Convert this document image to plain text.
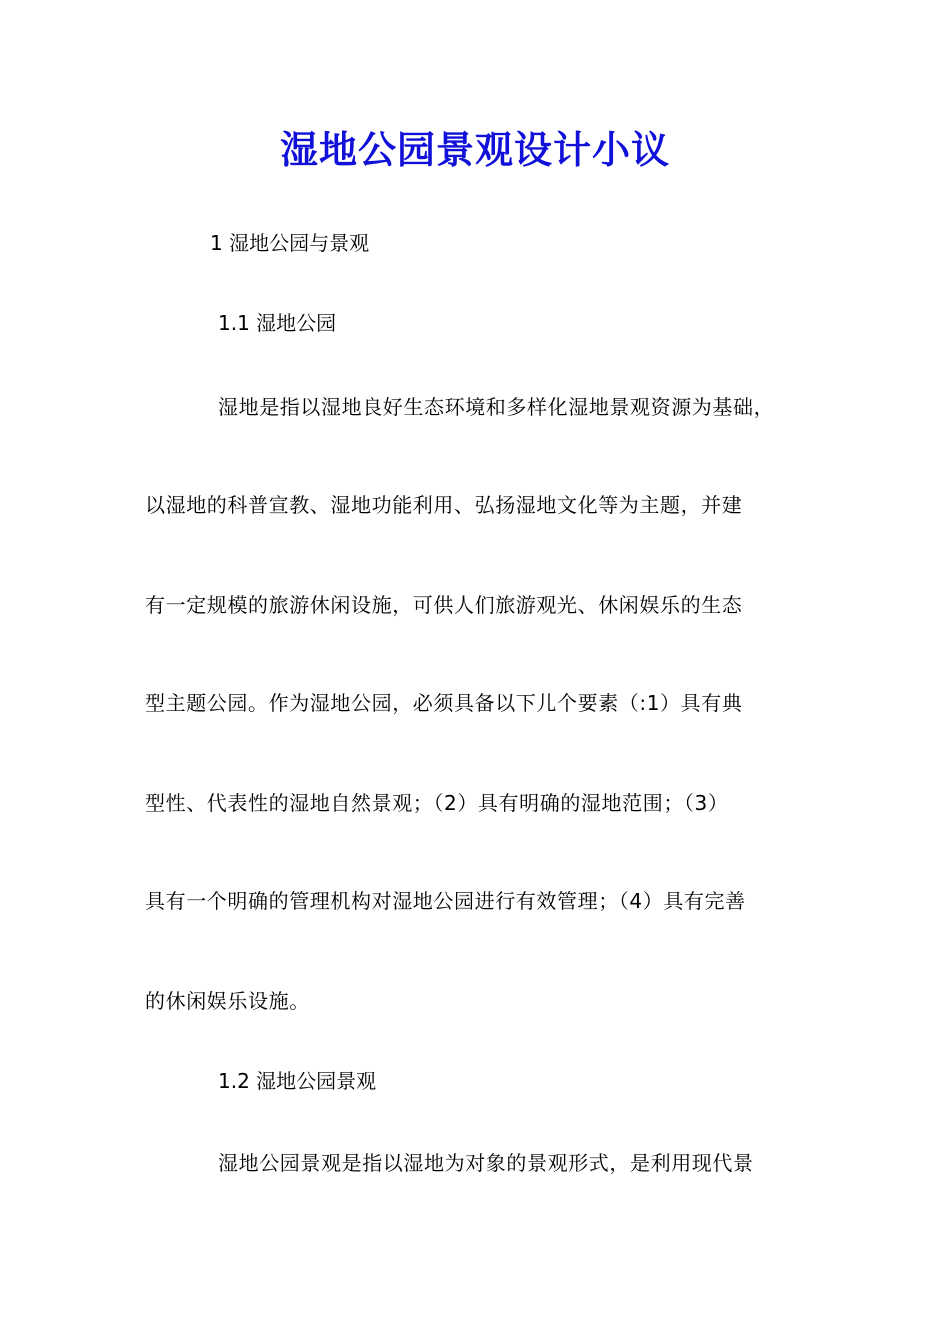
湿地公园景观设计小议

1 湿地公园与景观

1.1 湿地公园

湿地是指以湿地良好生态环境和多样化湿地景观资源为基础，

以湿地的科普宣教、湿地功能利用、弘扬湿地文化等为主题，并建

有一定规模的旅游休闲设施，可供人们旅游观光、休闲娱乐的生态

型主题公园。作为湿地公园，必须具备以下儿个要素（:1）具有典

型性、代表性的湿地自然景观；（2）具有明确的湿地范围；（3）

具有一个明确的管理机构对湿地公园进行有效管理；（4）具有完善

的休闲娱乐设施。

1.2 湿地公园景观

湿地公园景观是指以湿地为对象的景观形式，是利用现代景
